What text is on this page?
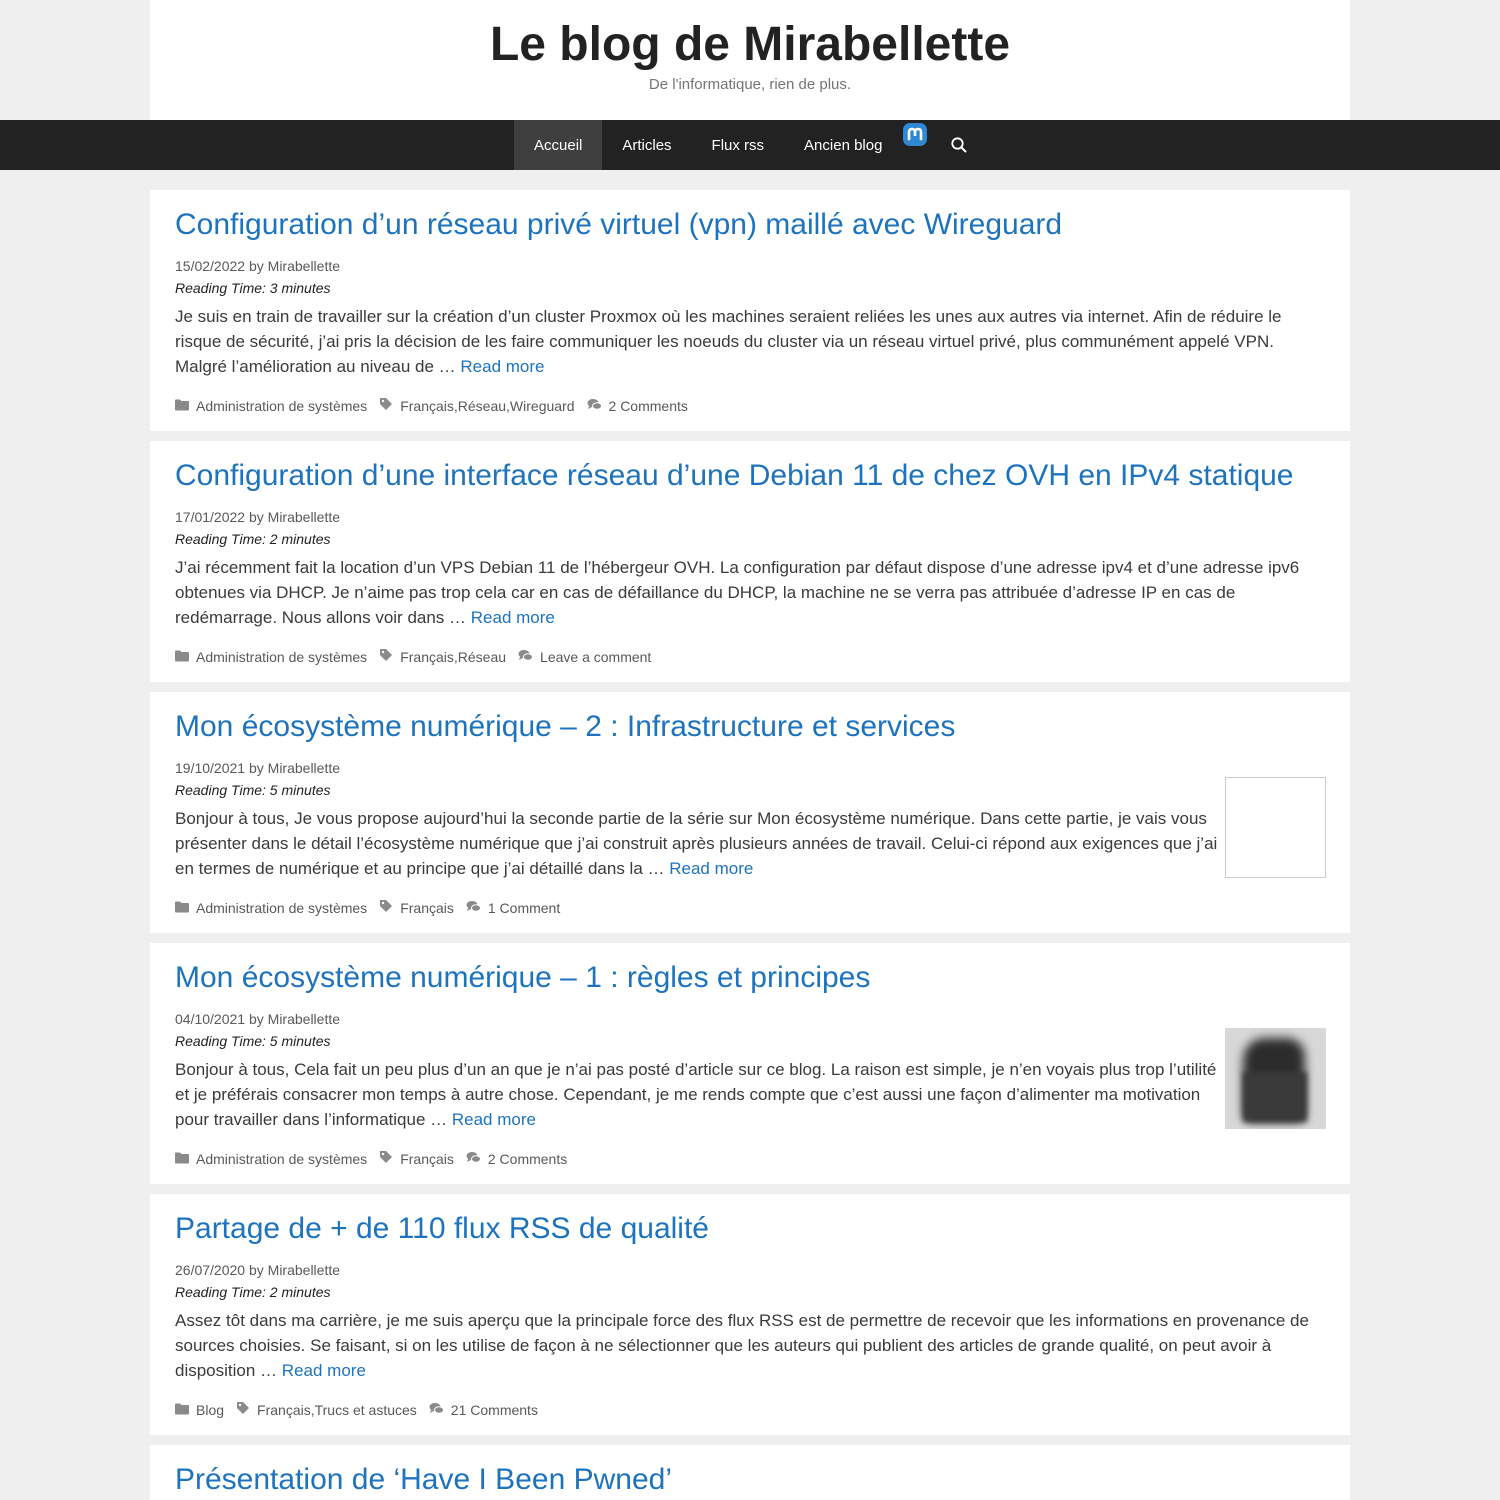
Le blog de Mirabellette
De l'informatique, rien de plus.
Accueil	Articles	Flux rss	Ancien blog
Configuration d’un réseau privé virtuel (vpn) maillé avec Wireguard
15/02/2022 by Mirabellette
Reading Time: 3 minutes

Je suis en train de travailler sur la création d’un cluster Proxmox où les machines seraient reliées les unes aux autres via internet. Afin de réduire le risque de sécurité, j’ai pris la décision de les faire communiquer les noeuds du cluster via un réseau virtuel privé, plus communément appelé VPN. Malgré l’amélioration au niveau de … Read more

Administration de systèmes Français , Réseau , Wireguard 2 Comments
Configuration d’une interface réseau d’une Debian 11 de chez OVH en IPv4 statique
17/01/2022 by Mirabellette
Reading Time: 2 minutes

J’ai récemment fait la location d’un VPS Debian 11 de l’hébergeur OVH. La configuration par défaut dispose d’une adresse ipv4 et d’une adresse ipv6 obtenues via DHCP. Je n’aime pas trop cela car en cas de défaillance du DHCP, la machine ne se verra pas attribuée d’adresse IP en cas de redémarrage. Nous allons voir dans … Read more

Administration de systèmes Français , Réseau Leave a comment
Mon écosystème numérique – 2 : Infrastructure et services
19/10/2021 by Mirabellette
Reading Time: 5 minutes

Bonjour à tous, Je vous propose aujourd’hui la seconde partie de la série sur Mon écosystème numérique. Dans cette partie, je vais vous présenter dans le détail l’écosystème numérique que j’ai construit après plusieurs années de travail. Celui-ci répond aux exigences que j’ai en termes de numérique et au principe que j’ai détaillé dans la … Read more

Administration de systèmes Français 1 Comment
Mon écosystème numérique – 1 : règles et principes
04/10/2021 by Mirabellette
Reading Time: 5 minutes

Bonjour à tous, Cela fait un peu plus d’un an que je n’ai pas posté d’article sur ce blog. La raison est simple, je n’en voyais plus trop l’utilité et je préférais consacrer mon temps à autre chose. Cependant, je me rends compte que c’est aussi une façon d’alimenter ma motivation pour travailler dans l’informatique … Read more

Administration de systèmes Français 2 Comments
Partage de + de 110 flux RSS de qualité
26/07/2020 by Mirabellette
Reading Time: 2 minutes

Assez tôt dans ma carrière, je me suis aperçu que la principale force des flux RSS est de permettre de recevoir que les informations en provenance de sources choisies. Se faisant, si on les utilise de façon à ne sélectionner que les auteurs qui publient des articles de grande qualité, on peut avoir à disposition … Read more

Blog Français , Trucs et astuces 21 Comments
Présentation de ‘Have I Been Pwned’
